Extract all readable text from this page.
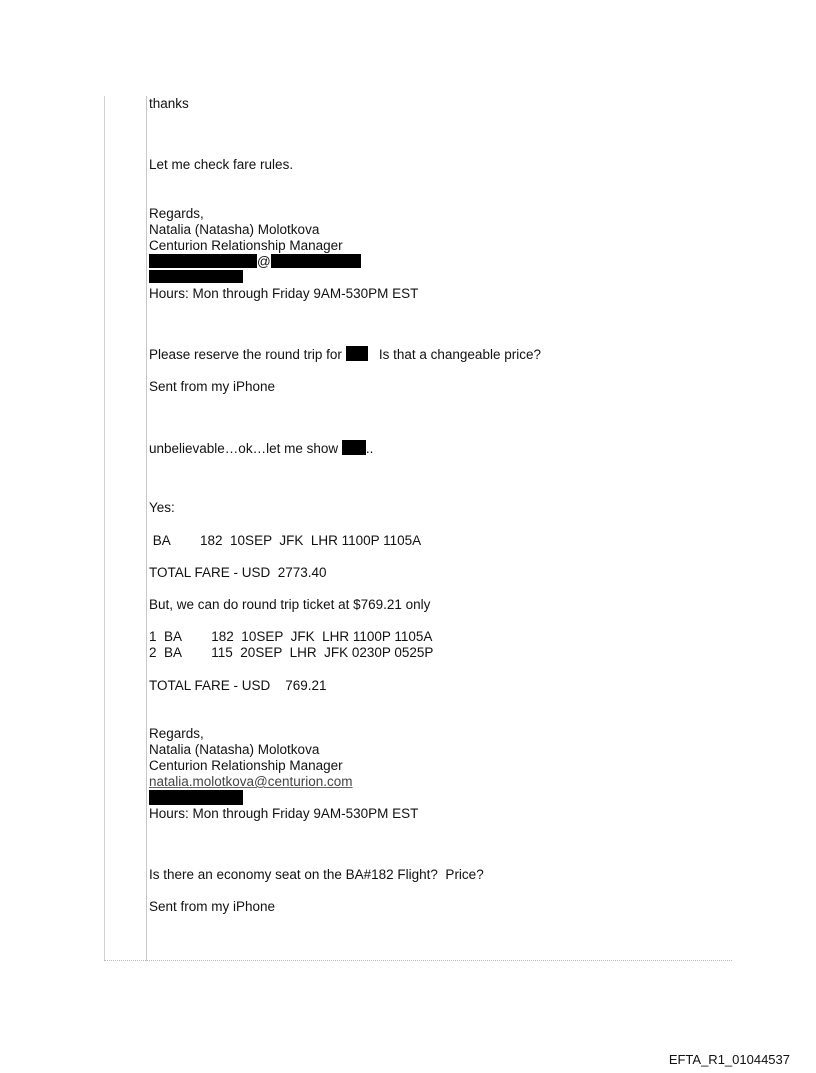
thanks
Let me check fare rules.
Regards,
Natalia (Natasha) Molotkova
Centurion Relationship Manager
@
Hours: Mon through Friday 9AM-530PM EST
Please reserve the round trip for    Is that a changeable price?
Sent from my iPhone
unbelievable…ok…let me show ..
Yes:
BA        182  10SEP  JFK  LHR 1100P 1105A
TOTAL FARE - USD  2773.40
But, we can do round trip ticket at $769.21 only
1  BA        182  10SEP  JFK  LHR 1100P 1105A
2  BA        115  20SEP  LHR  JFK 0230P 0525P
TOTAL FARE - USD    769.21
Regards,
Natalia (Natasha) Molotkova
Centurion Relationship Manager
natalia.molotkova@centurion.com
Hours: Mon through Friday 9AM-530PM EST
Is there an economy seat on the BA#182 Flight?  Price?
Sent from my iPhone
EFTA_R1_01044537
